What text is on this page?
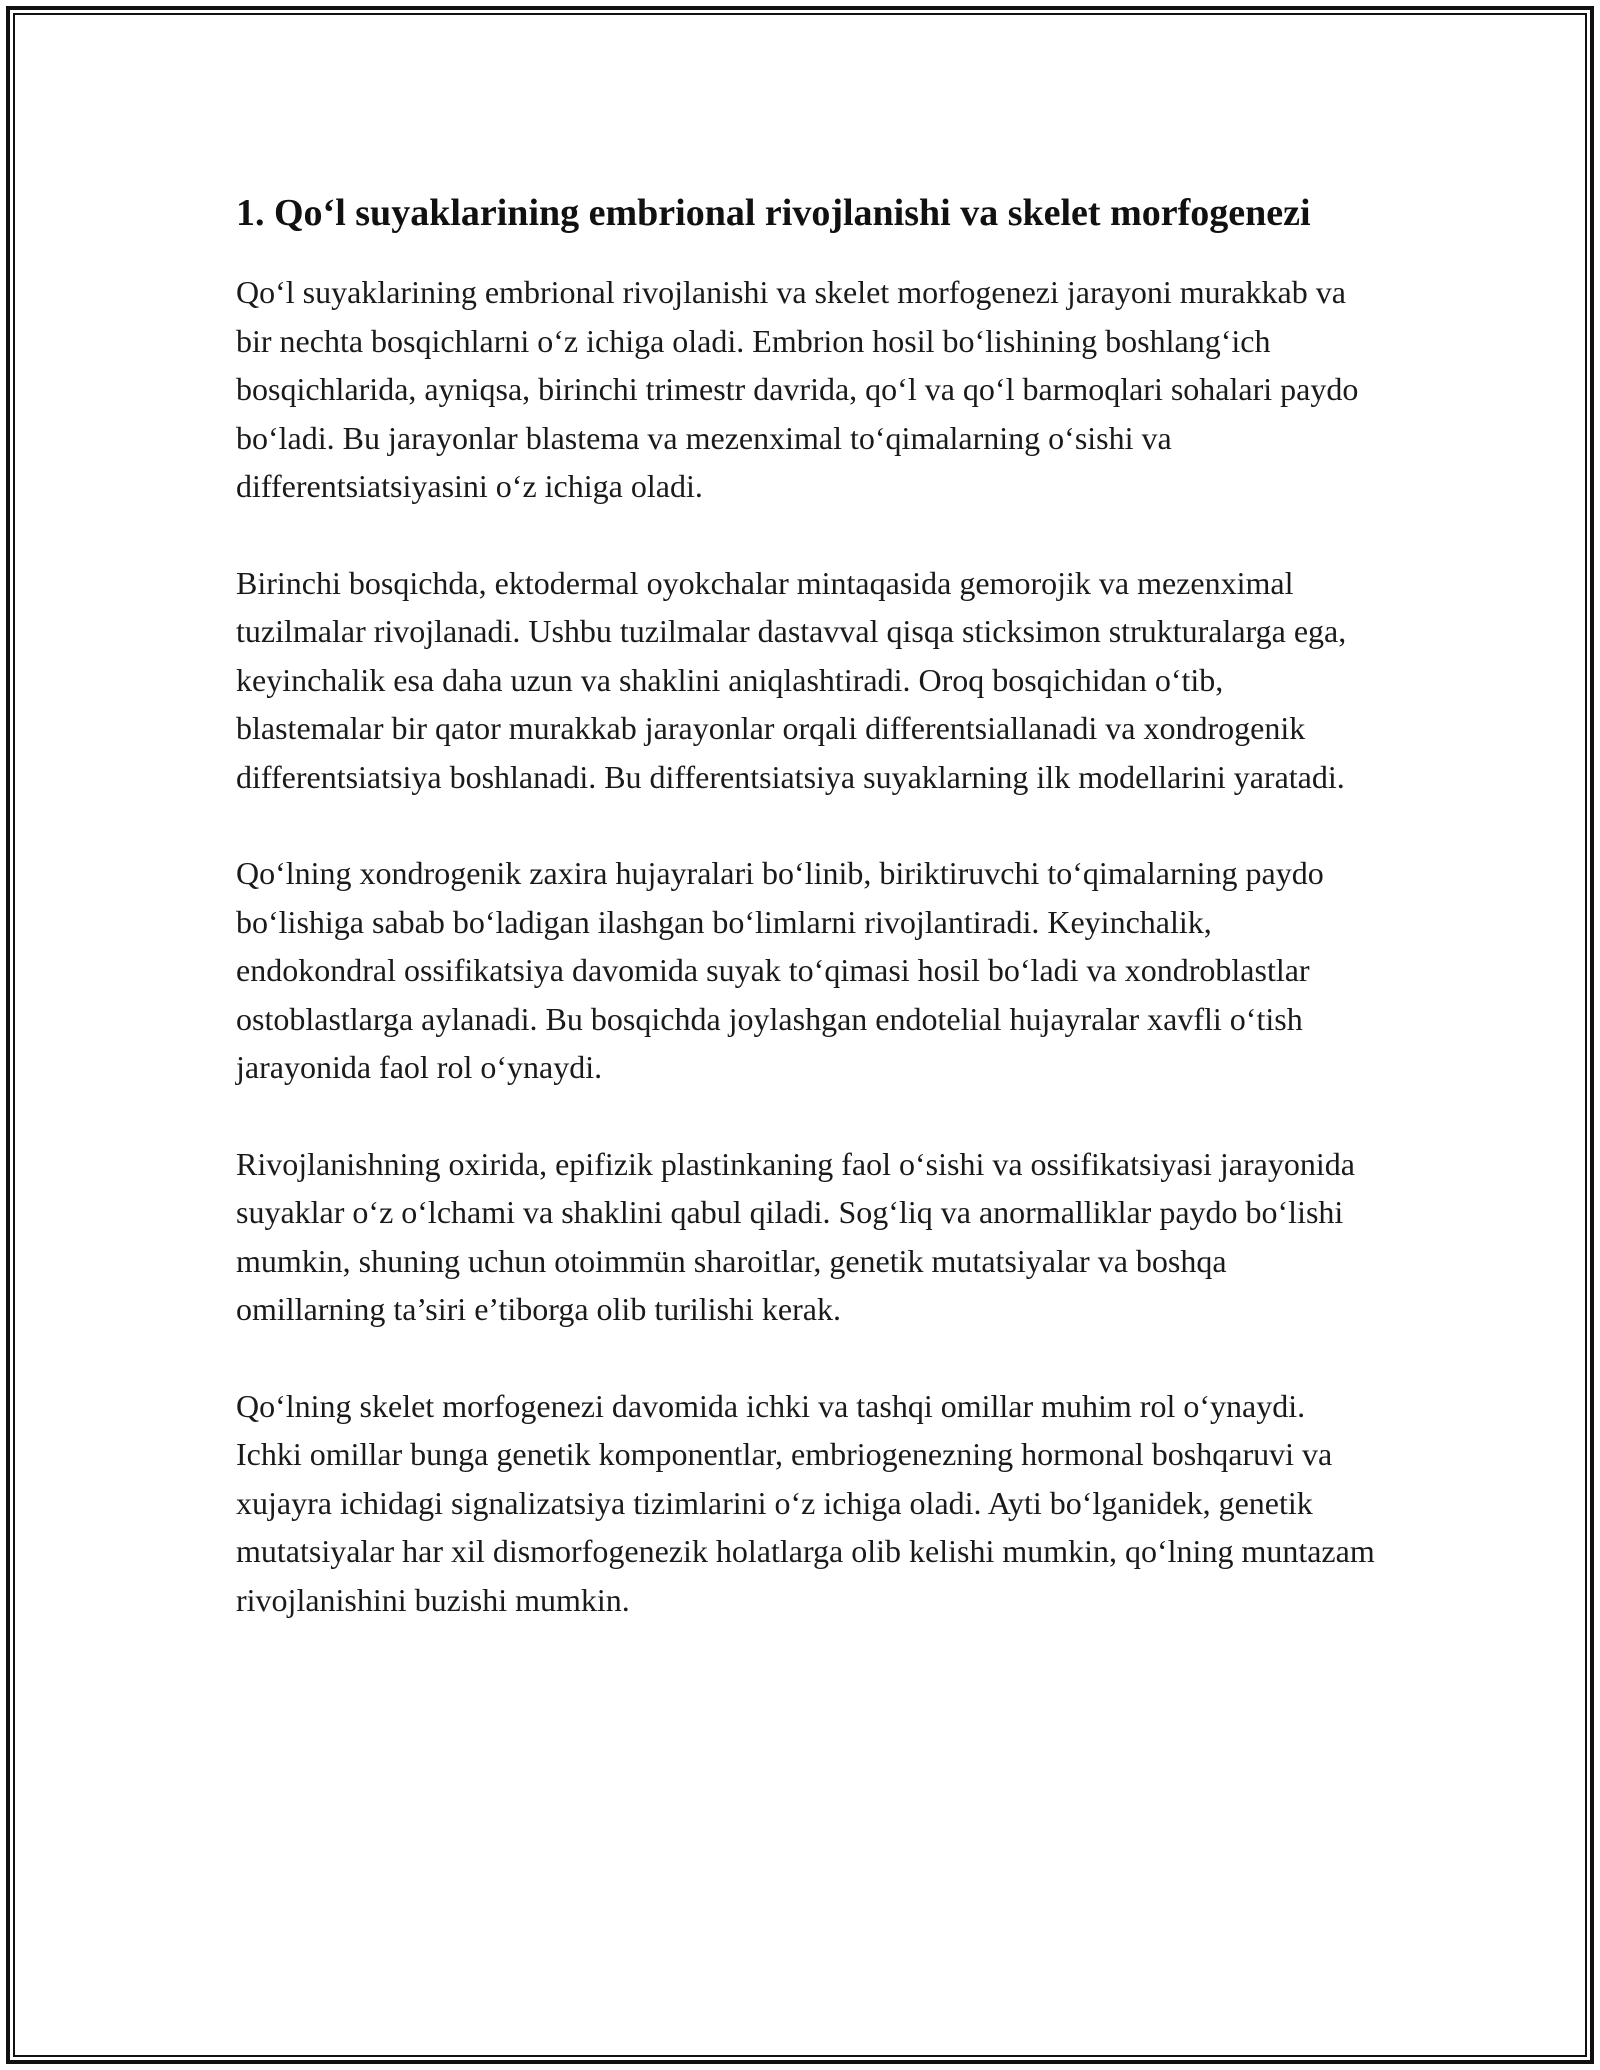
1. Qo‘l suyaklarining embrional rivojlanishi va skelet morfogenezi

Qo‘l suyaklarining embrional rivojlanishi va skelet morfogenezi jarayoni murakkab va bir nechta bosqichlarni o‘z ichiga oladi. Embrion hosil bo‘lishining boshlang‘ich bosqichlarida, ayniqsa, birinchi trimestr davrida, qo‘l va qo‘l barmoqlari sohalari paydo bo‘ladi. Bu jarayonlar blastema va mezenximal to‘qimalarning o‘sishi va differentsiatsiyasini o‘z ichiga oladi.

Birinchi bosqichda, ektodermal oyokchalar mintaqasida gemorojik va mezenximal tuzilmalar rivojlanadi. Ushbu tuzilmalar dastavval qisqa sticksimon strukturalarga ega, keyinchalik esa daha uzun va shaklini aniqlashtiradi. Oroq bosqichidan o‘tib, blastemalar bir qator murakkab jarayonlar orqali differentsiallanadi va xondrogenik differentsiatsiya boshlanadi. Bu differentsiatsiya suyaklarning ilk modellarini yaratadi.

Qo‘lning xondrogenik zaxira hujayralari bo‘linib, biriktiruvchi to‘qimalarning paydo bo‘lishiga sabab bo‘ladigan ilashgan bo‘limlarni rivojlantiradi. Keyinchalik, endokondral ossifikatsiya davomida suyak to‘qimasi hosil bo‘ladi va xondroblastlar ostoblastlarga aylanadi. Bu bosqichda joylashgan endotelial hujayralar xavfli o‘tish jarayonida faol rol o‘ynaydi.

Rivojlanishning oxirida, epifizik plastinkaning faol o‘sishi va ossifikatsiyasi jarayonida suyaklar o‘z o‘lchami va shaklini qabul qiladi. Sog‘liq va anormalliklar paydo bo‘lishi mumkin, shuning uchun otoimmün sharoitlar, genetik mutatsiyalar va boshqa omillarning ta’siri e’tiborga olib turilishi kerak.

Qo‘lning skelet morfogenezi davomida ichki va tashqi omillar muhim rol o‘ynaydi. Ichki omillar bunga genetik komponentlar, embriogenezning hormonal boshqaruvi va xujayra ichidagi signalizatsiya tizimlarini o‘z ichiga oladi. Ayti bo‘lganidek, genetik mutatsiyalar har xil dismorfogenezik holatlarga olib kelishi mumkin, qo‘lning muntazam rivojlanishini buzishi mumkin.
